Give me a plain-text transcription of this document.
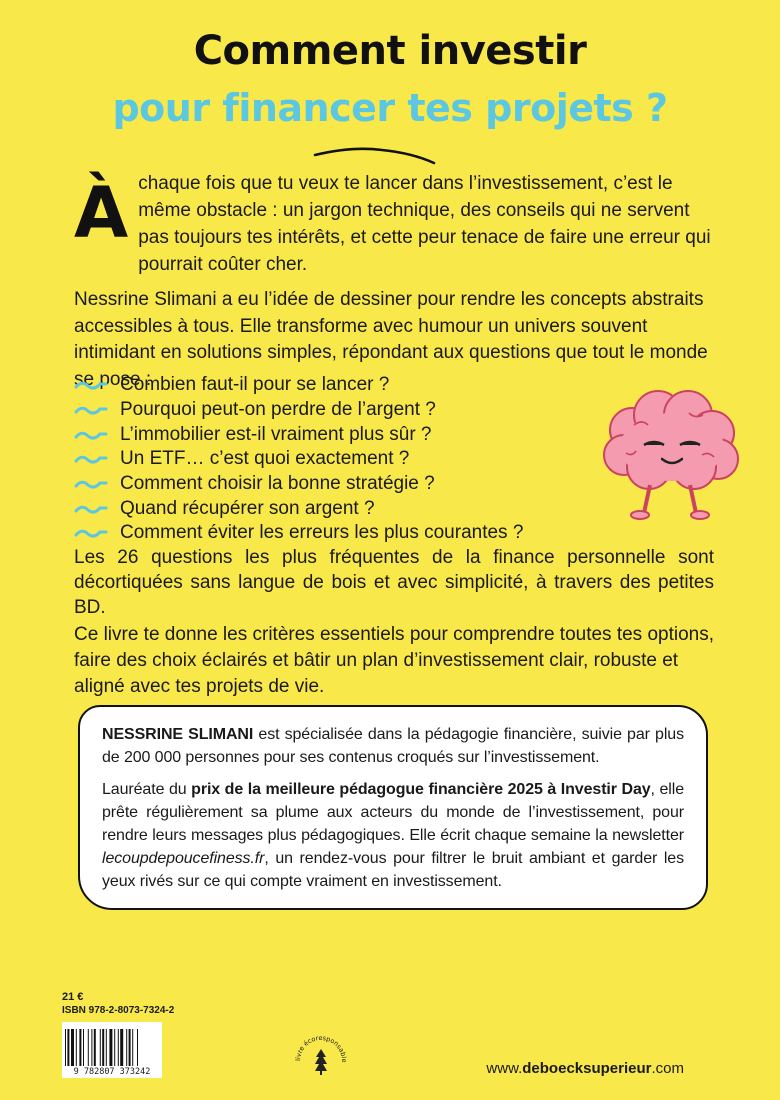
Comment investir
pour financer tes projets ?
Àchaque fois que tu veux te lancer dans l’investissement, c’est le même obstacle : un jargon technique, des conseils qui ne servent pas toujours tes intérêts, et cette peur tenace de faire une erreur qui pourrait coûter cher.
Nessrine Slimani a eu l’idée de dessiner pour rendre les concepts abstraits accessibles à tous. Elle transforme avec humour un univers souvent intimidant en solutions simples, répondant aux questions que tout le monde se pose :
Combien faut-il pour se lancer ?
Pourquoi peut-on perdre de l’argent ?
L’immobilier est-il vraiment plus sûr ?
Un ETF… c’est quoi exactement ?
Comment choisir la bonne stratégie ?
Quand récupérer son argent ?
Comment éviter les erreurs les plus courantes ?
Les 26 questions les plus fréquentes de la finance personnelle sont décortiquées sans langue de bois et avec simplicité, à travers des petites BD.
Ce livre te donne les critères essentiels pour comprendre toutes tes options, faire des choix éclairés et bâtir un plan d’investissement clair, robuste et aligné avec tes projets de vie.

NESSRINE SLIMANI est spécialisée dans la pédagogie financière, suivie par plus de 200 000 personnes pour ses contenus croqués sur l’investissement.

Lauréate du prix de la meilleure pédagogue financière 2025 à Investir Day, elle prête régulièrement sa plume aux acteurs du monde de l’investissement, pour rendre leurs messages plus pédagogiques. Elle écrit chaque semaine la newsletter lecoupdepoucefiness.fr, un rendez-vous pour filtrer le bruit ambiant et garder les yeux rivés sur ce qui compte vraiment en investissement.

21 €
ISBN 978-2-8073-7324-2
9 782807 373242
livre écoresponsable	www.deboecksuperieur.com
